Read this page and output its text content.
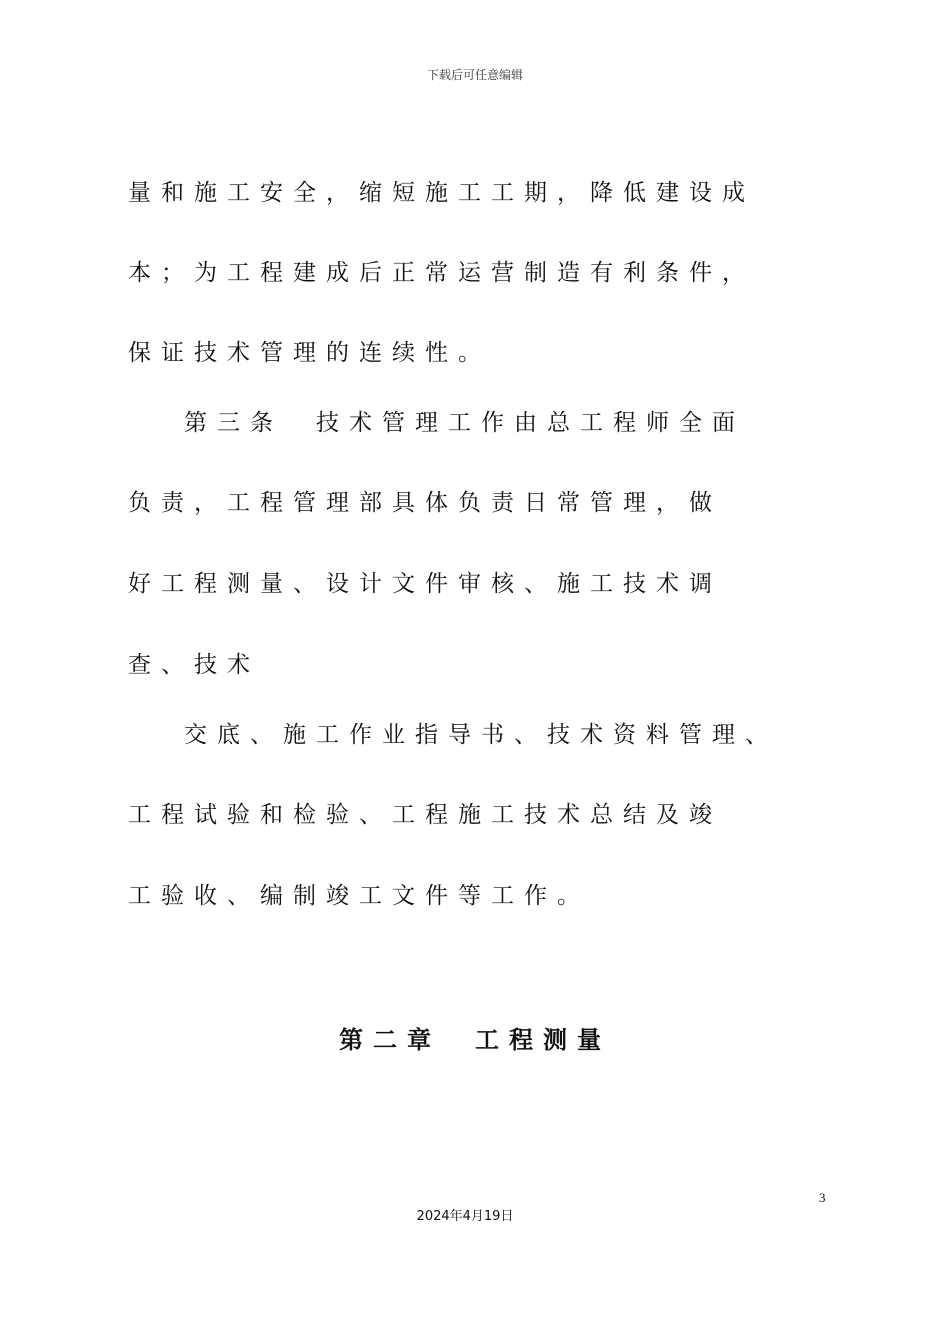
下载后可任意编辑
量和施工安全，缩短施工工期，降低建设成
本；为工程建成后正常运营制造有利条件，
保证技术管理的连续性。
第三条　技术管理工作由总工程师全面
负责，工程管理部具体负责日常管理，做
好工程测量、设计文件审核、施工技术调
查、技术
交底、施工作业指导书、技术资料管理、
工程试验和检验、工程施工技术总结及竣
工验收、编制竣工文件等工作。
第二章　工程测量
3
2024年4月19日
